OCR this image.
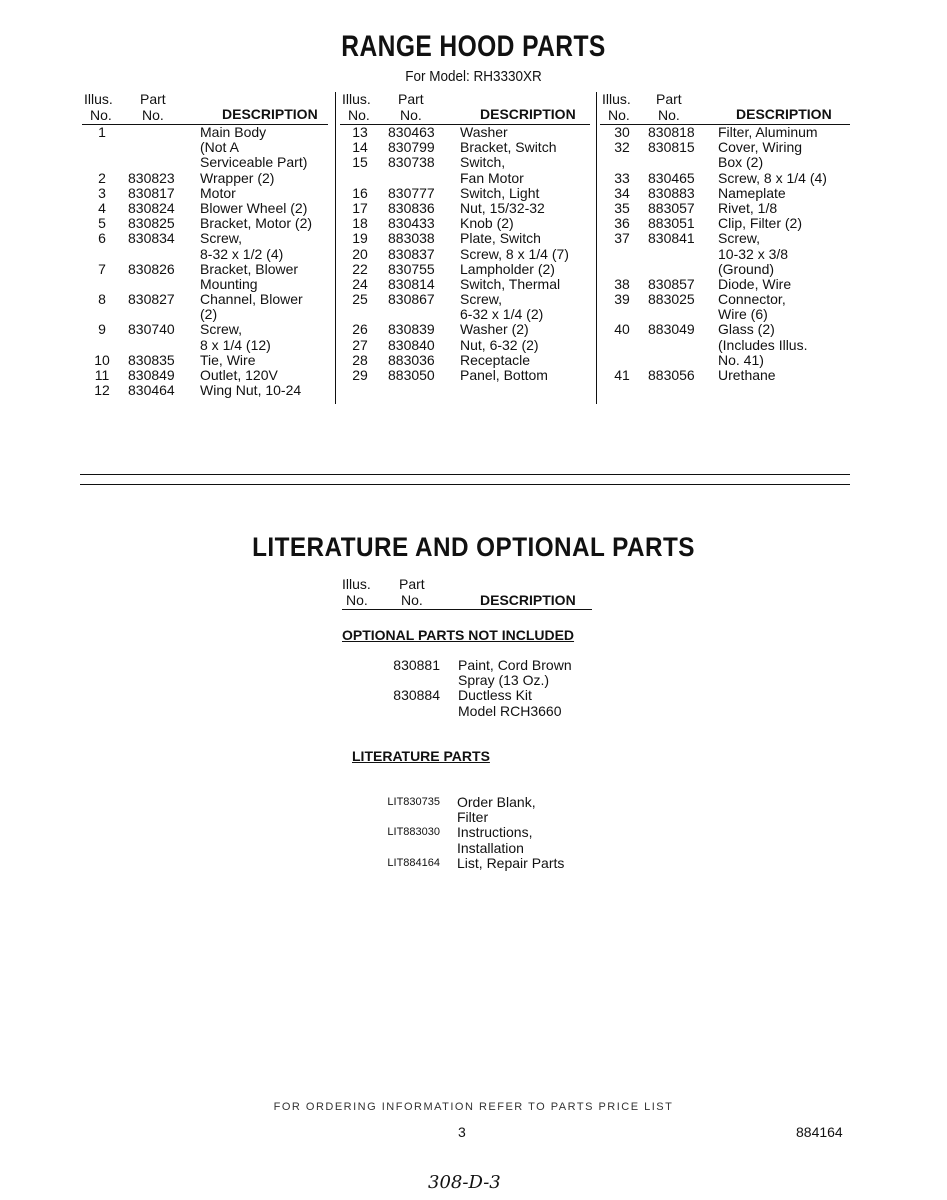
RANGE HOOD PARTS
For Model: RH3330XR
Illus.
No.
Part
No.	DESCRIPTION
1	Main Body
(Not A
Serviceable Part)
2	830823 Wrapper (2)
3	830817 Motor
4	830824 Blower Wheel (2)
5	830825 Bracket, Motor (2)
6	830834 Screw,
8-32 x 1/2 (4)
7	830826 Bracket, Blower
Mounting
8	830827 Channel, Blower
(2)
9	830740 Screw,
8 x 1/4 (12)
10	830835 Tie, Wire
11	830849 Outlet, 120V
12	830464 Wing Nut, 10-24
Illus.
No.
Part
No.	DESCRIPTION
13	830463 Washer
14	830799 Bracket, Switch
15	830738 Switch,
Fan Motor
16	830777 Switch, Light
17	830836 Nut, 15/32-32
18	830433 Knob (2)
19	883038 Plate, Switch
20	830837 Screw, 8 x 1/4 (7)
22	830755 Lampholder (2)
24	830814 Switch, Thermal
25	830867 Screw,
6-32 x 1/4 (2)
26	830839 Washer (2)
27	830840 Nut, 6-32 (2)
28	883036 Receptacle
29	883050 Panel, Bottom
Illus.
No.
Part
No.	DESCRIPTION
30	830818 Filter, Aluminum
32	830815 Cover, Wiring
Box (2)
33	830465 Screw, 8 x 1/4 (4)
34	830883 Nameplate
35	883057 Rivet, 1/8
36	883051 Clip, Filter (2)
37	830841 Screw,
10-32 x 3/8
(Ground)
38	830857 Diode, Wire
39	883025 Connector,
Wire (6)
40	883049 Glass (2)
(Includes Illus.
No. 41)
41	883056 Urethane
LITERATURE AND OPTIONAL PARTS
Illus.
No.
Part
No.	DESCRIPTION
OPTIONAL PARTS NOT INCLUDED
830881 Paint, Cord Brown
Spray (13 Oz.)
830884 Ductless Kit
Model RCH3660
LITERATURE PARTS
LIT830735 Order Blank,
Filter
LIT883030 Instructions,
Installation
LIT884164 List, Repair Parts
FOR ORDERING INFORMATION REFER TO PARTS PRICE LIST
3	884164
308-D-3
